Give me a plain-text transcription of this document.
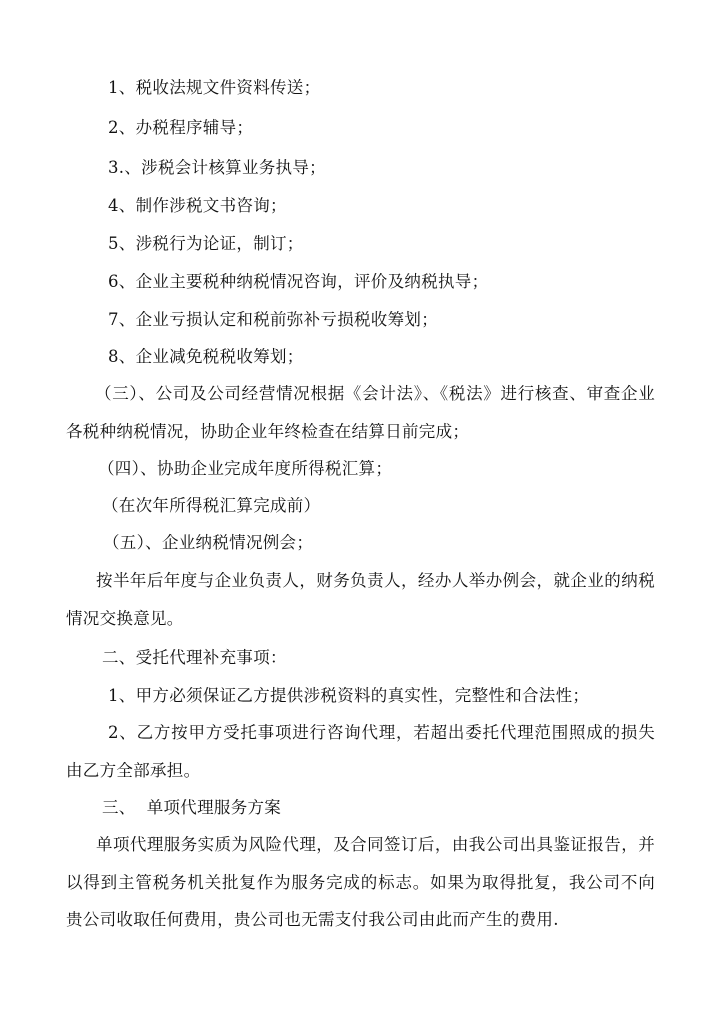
1、税收法规文件资料传送；
2、办税程序辅导；
3.、涉税会计核算业务执导；
4、制作涉税文书咨询；
5、涉税行为论证，制订；
6、企业主要税种纳税情况咨询，评价及纳税执导；
7、企业亏损认定和税前弥补亏损税收筹划；
8、企业减免税税收筹划；
（三）、公司及公司经营情况根据《会计法》、《税法》进行核查、审查企业
各税种纳税情况，协助企业年终检查在结算日前完成；
（四）、协助企业完成年度所得税汇算；
（在次年所得税汇算完成前）
（五）、企业纳税情况例会；
按半年后年度与企业负责人，财务负责人，经办人举办例会，就企业的纳税
情况交换意见。
二、受托代理补充事项：
1、甲方必须保证乙方提供涉税资料的真实性，完整性和合法性；
2、乙方按甲方受托事项进行咨询代理，若超出委托代理范围照成的损失
由乙方全部承担。
三、  单项代理服务方案
单项代理服务实质为风险代理，及合同签订后，由我公司出具鉴证报告，并
以得到主管税务机关批复作为服务完成的标志。如果为取得批复，我公司不向
贵公司收取任何费用，贵公司也无需支付我公司由此而产生的费用.
